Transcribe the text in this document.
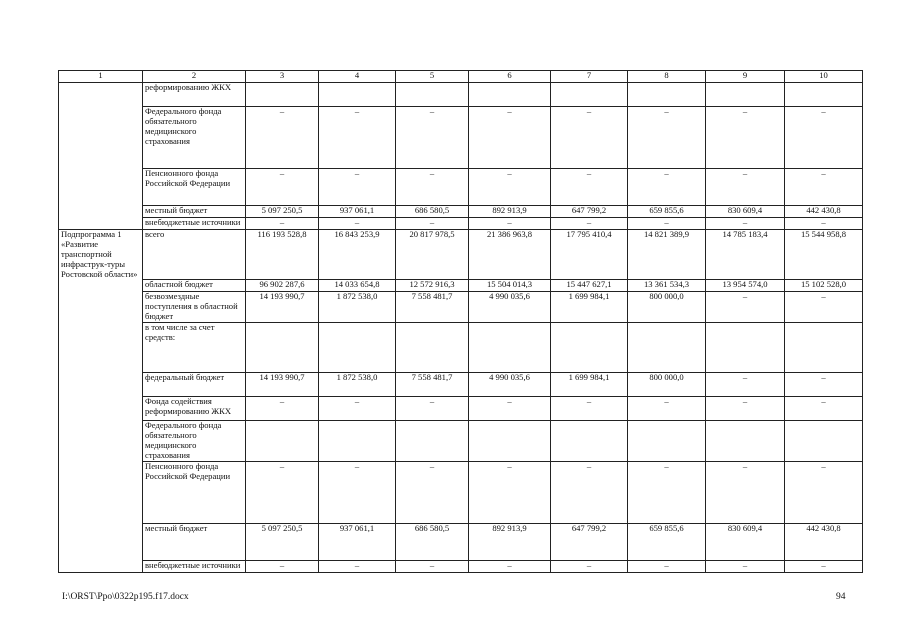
1	2	3	4	5	6	7	8	9	10
	реформированию ЖКХ								
	Федерального фонда обязательного медицинского страхования	–	–	–	–	–	–	–	–
	Пенсионного фонда Российской Федерации	–	–	–	–	–	–	–	–
	местный бюджет	5 097 250,5	937 061,1	686 580,5	892 913,9	647 799,2	659 855,6	830 609,4	442 430,8
	внебюджетные источники	–	–	–	–	–	–	–	–
Подпрограмма 1 «Развитие транспортной инфраструк-туры Ростовской области»	всего	116 193 528,8	16 843 253,9	20 817 978,5	21 386 963,8	17 795 410,4	14 821 389,9	14 785 183,4	15 544 958,8
	областной бюджет	96 902 287,6	14 033 654,8	12 572 916,3	15 504 014,3	15 447 627,1	13 361 534,3	13 954 574,0	15 102 528,0
	безвозмездные поступления в областной бюджет	14 193 990,7	1 872 538,0	7 558 481,7	4 990 035,6	1 699 984,1	800 000,0	–	–
	в том числе за счет средств:								
	федеральный бюджет	14 193 990,7	1 872 538,0	7 558 481,7	4 990 035,6	1 699 984,1	800 000,0	–	–
	Фонда содействия реформированию ЖКХ	–	–	–	–	–	–	–	–
	Федерального фонда обязательного медицинского страхования								
	Пенсионного фонда Российской Федерации	–	–	–	–	–	–	–	–
	местный бюджет	5 097 250,5	937 061,1	686 580,5	892 913,9	647 799,2	659 855,6	830 609,4	442 430,8
	внебюджетные источники	–	–	–	–	–	–	–	–
I:\ORST\Ppo\0322p195.f17.docx	94
